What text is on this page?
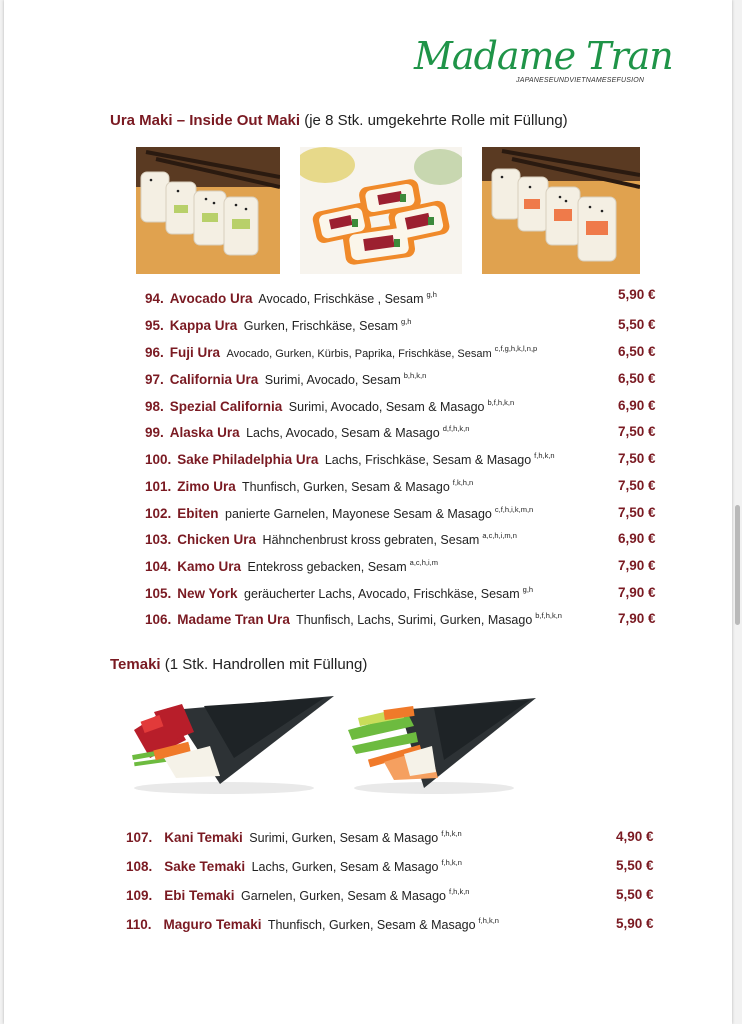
Madame Tran
JAPANESEUNDVIETNAMESEFUSION
Ura Maki – Inside Out Maki (je 8 Stk. umgekehrte Rolle mit Füllung)
94. Avocado Ura Avocado, Frischkäse , Sesam $^{g,h}$	5,90 €
95. Kappa Ura Gurken, Frischkäse, Sesam $^{g,h}$	5,50 €
96. Fuji Ura Avocado, Gurken, Kürbis, Paprika, Frischkäse, Sesam $^{c,f,g,h,k,l,n,p}$	6,50 €
97. California Ura Surimi, Avocado, Sesam $^{b,h,k,n}$	6,50 €
98. Spezial California Surimi, Avocado, Sesam & Masago $^{b,f,h,k,n}$	6,90 €
99. Alaska Ura Lachs, Avocado, Sesam & Masago $^{d,f,h,k,n}$	7,50 €
100. Sake Philadelphia Ura Lachs, Frischkäse, Sesam & Masago $^{f,h,k,n}$	7,50 €
101. Zimo Ura Thunfisch, Gurken, Sesam & Masago $^{f,k,h,n}$	7,50 €
102. Ebiten panierte Garnelen, Mayonese Sesam & Masago $^{c,f,h,i,k,m,n}$	7,50 €
103. Chicken Ura Hähnchenbrust kross gebraten, Sesam $^{a,c,h,i,m,n}$	6,90 €
104. Kamo Ura Entekross gebacken, Sesam $^{a,c,h,i,m}$	7,90 €
105. New York geräucherter Lachs, Avocado, Frischkäse, Sesam $^{g,h}$	7,90 €
106. Madame Tran Ura Thunfisch, Lachs, Surimi, Gurken, Masago $^{b,f,h,k,n}$	7,90 €
Temaki (1 Stk. Handrollen mit Füllung)
107. Kani Temaki Surimi, Gurken, Sesam & Masago $^{f,h,k,n}$	4,90 €
108. Sake Temaki Lachs, Gurken, Sesam & Masago $^{f,h,k,n}$	5,50 €
109. Ebi Temaki Garnelen, Gurken, Sesam & Masago $^{f,h,k,n}$	5,50 €
110. Maguro Temaki Thunfisch, Gurken, Sesam & Masago $^{f,h,k,n}$	5,90 €
